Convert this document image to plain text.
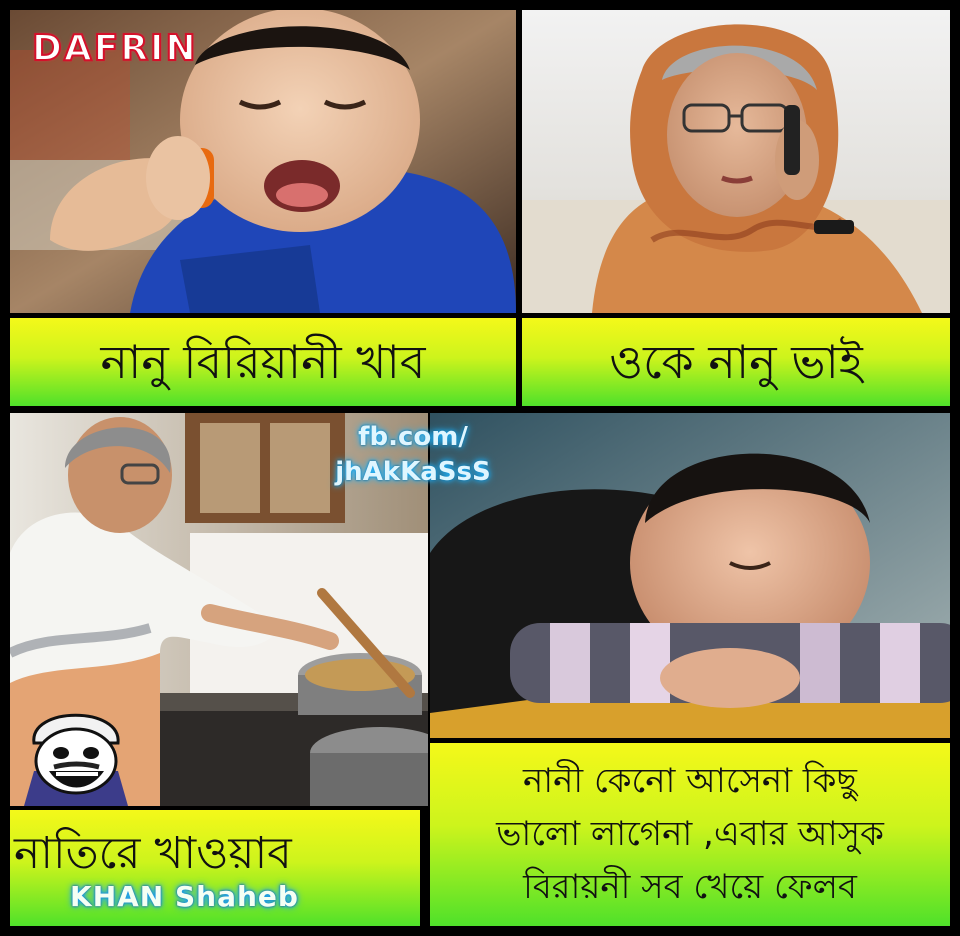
DAFRIN
নানু বিরিয়ানী খাব	ওকে নানু ভাই
নাতিরে খাওয়াব
KHAN Shaheb
নানী কেনো আসেনা কিছু
ভালো লাগেনা ,এবার আসুক
বিরায়নী সব খেয়ে ফেলব
fb.com/
jhAkKaSsS
